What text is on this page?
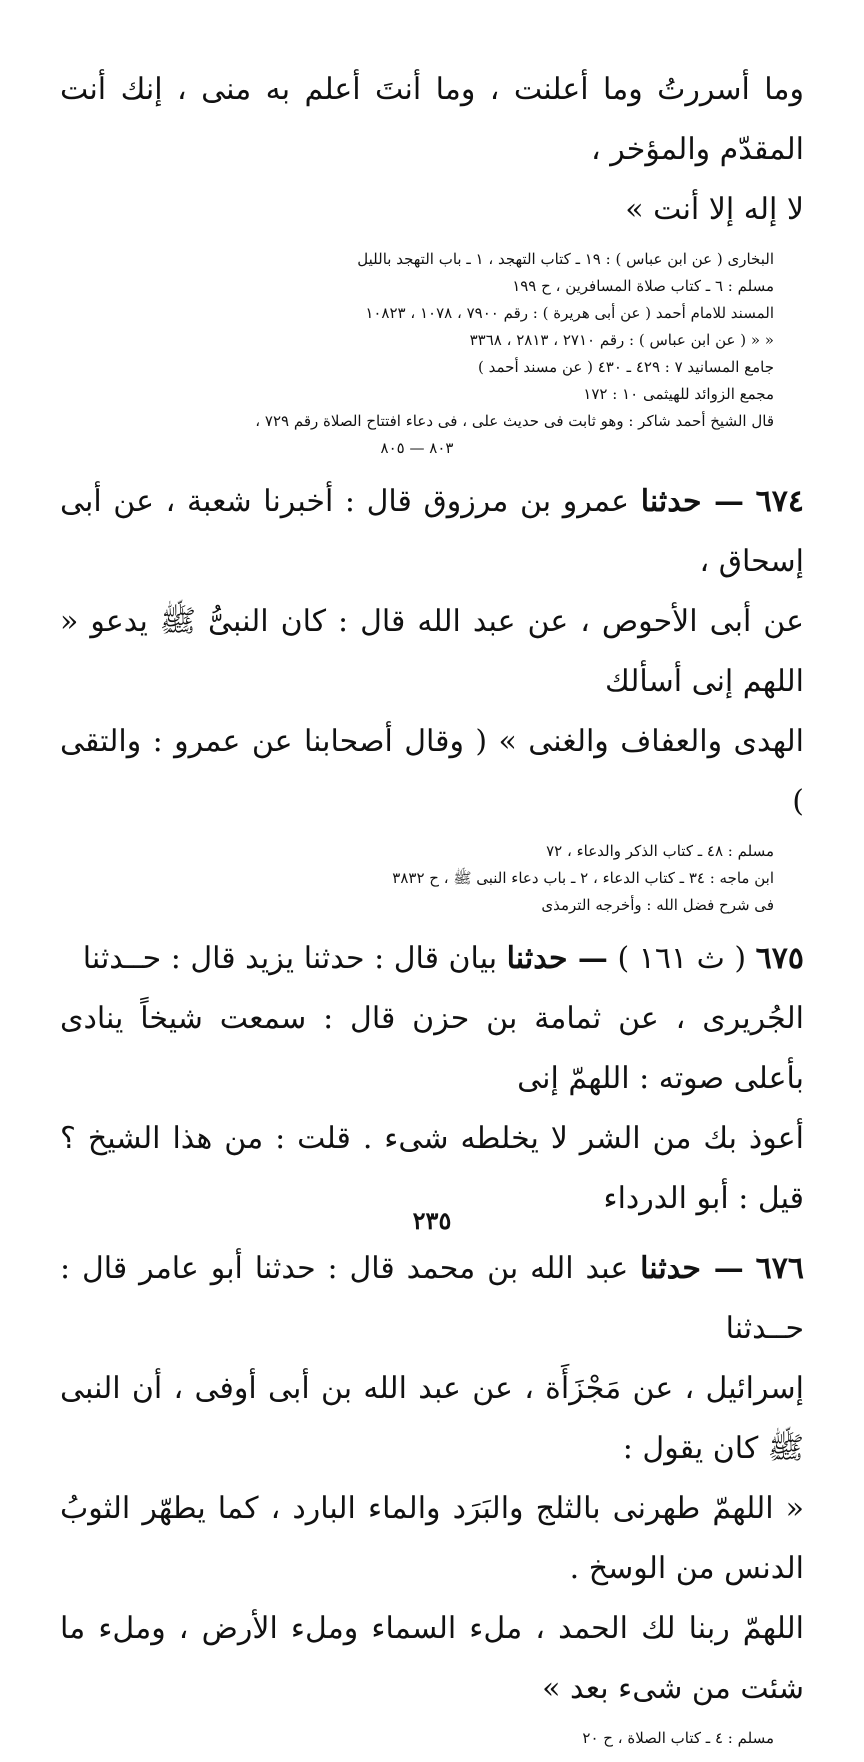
وما أسررتُ وما أعلنت ، وما أنتَ أعلم به منى ، إنك أنت المقدّم والمؤخر ،
لا إله إلا أنت »

البخارى ( عن ابن عباس ) : ١٩ ـ كتاب التهجد ، ١ ـ باب التهجد بالليل
مسلم : ٦ ـ كتاب صلاة المسافرين ، ح ١٩٩
المسند للامام أحمد ( عن أبى هريرة ) : رقم ٧٩٠٠ ، ١٠٧٨ ، ١٠٨٢٣
« « ( عن ابن عباس ) : رقم ٢٧١٠ ، ٢٨١٣ ، ٣٣٦٨
جامع المسانيد ٧ : ٤٢٩ ـ ٤٣٠ ( عن مسند أحمد )
مجمع الزوائد للهيثمى ١٠ : ١٧٢
قال الشيخ أحمد شاكر : وهو ثابت فى حديث على ، فى دعاء افتتاح الصلاة رقم ٧٢٩ ،
٨٠٣ — ٨٠٥

٦٧٤ — حدثنا عمرو بن مرزوق قال : أخبرنا شعبة ، عن أبى إسحاق ،
عن أبى الأحوص ، عن عبد الله قال : كان النبىُّ ﷺ يدعو « اللهم إنى أسألك
الهدى والعفاف والغنى » ( وقال أصحابنا عن عمرو : والتقى )

مسلم : ٤٨ ـ كتاب الذكر والدعاء ، ٧٢
ابن ماجه : ٣٤ ـ كتاب الدعاء ، ٢ ـ باب دعاء النبى ﷺ ، ح ٣٨٣٢
فى شرح فضل الله : وأخرجه الترمذى

٦٧٥ ( ث ١٦١ ) — حدثنا بيان قال : حدثنا يزيد قال : حــدثنا
الجُريرى ، عن ثمامة بن حزن قال : سمعت شيخاً ينادى بأعلى صوته : اللهمّ إنى
أعوذ بك من الشر لا يخلطه شىء . قلت : من هذا الشيخ ؟ قيل : أبو الدرداء

٦٧٦ — حدثنا عبد الله بن محمد قال : حدثنا أبو عامر قال : حــدثنا
إسرائيل ، عن مَجْزَأَة ، عن عبد الله بن أبى أوفى ، أن النبى ﷺ كان يقول :
« اللهمّ طهرنى بالثلج والبَرَد والماء البارد ، كما يطهّر الثوبُ الدنس من الوسخ .
اللهمّ ربنا لك الحمد ، ملء السماء وملء الأرض ، وملء ما شئت من شىء بعد »

مسلم : ٤ ـ كتاب الصلاة ، ح ٢٠
٢٣٥
